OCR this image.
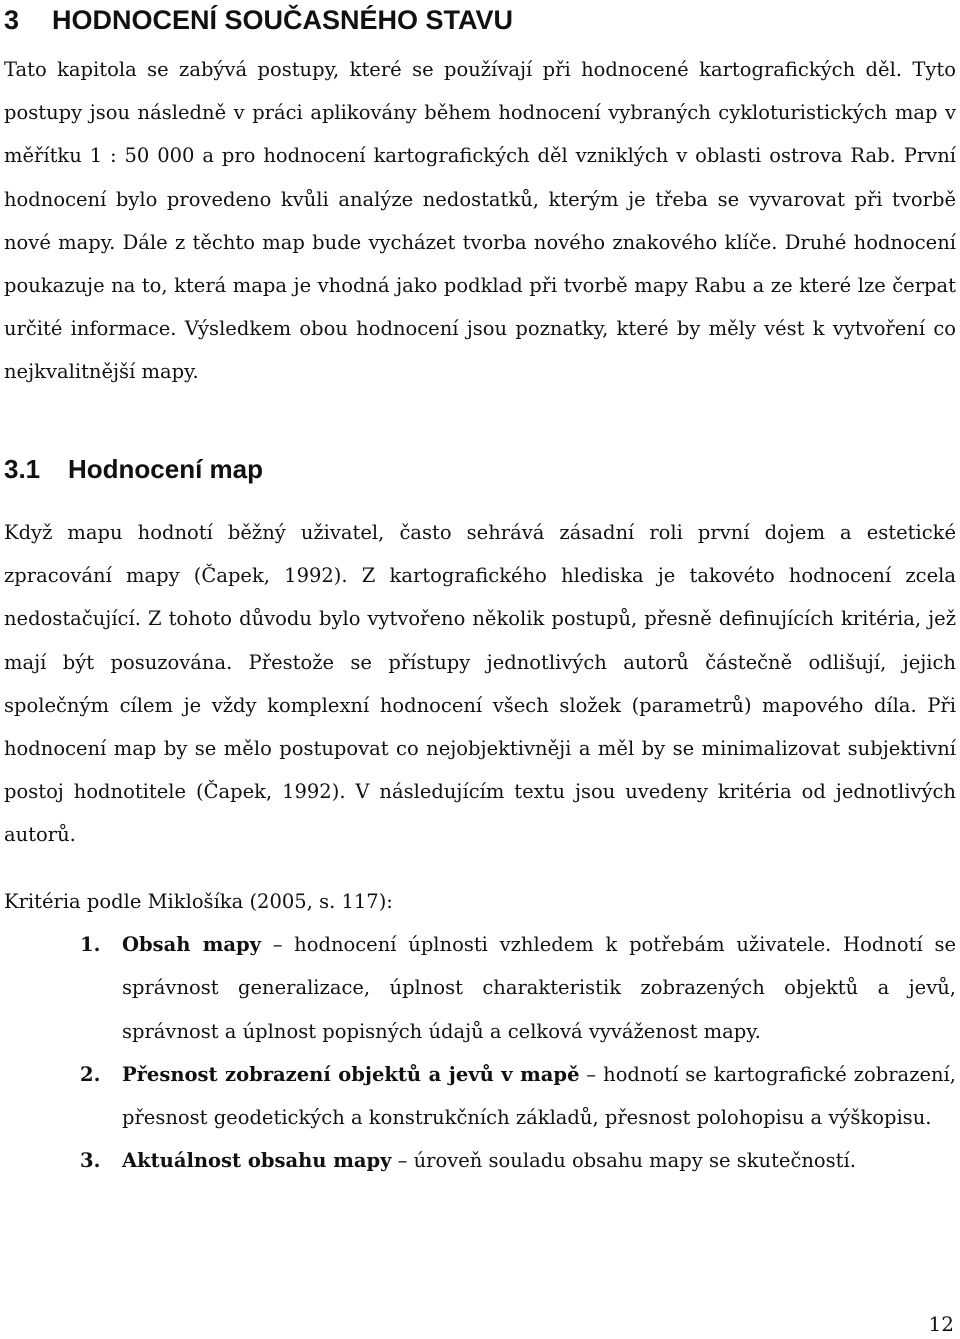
3 HODNOCENÍ SOUČASNÉHO STAVU

Tato kapitola se zabývá postupy, které se používají při hodnocené kartografických děl. Tyto postupy jsou následně v práci aplikovány během hodnocení vybraných cykloturistických map v měřítku 1 : 50 000 a pro hodnocení kartografických děl vzniklých v oblasti ostrova Rab. První hodnocení bylo provedeno kvůli analýze nedostatků, kterým je třeba se vyvarovat při tvorbě nové mapy. Dále z těchto map bude vycházet tvorba nového znakového klíče. Druhé hodnocení poukazuje na to, která mapa je vhodná jako podklad při tvorbě mapy Rabu a ze které lze čerpat určité informace. Výsledkem obou hodnocení jsou poznatky, které by měly vést k vytvoření co nejkvalitnější mapy.

3.1 Hodnocení map

Když mapu hodnotí běžný uživatel, často sehrává zásadní roli první dojem a estetické zpracování mapy (Čapek, 1992). Z kartografického hlediska je takovéto hodnocení zcela nedostačující. Z tohoto důvodu bylo vytvořeno několik postupů, přesně definujících kritéria, jež mají být posuzována. Přestože se přístupy jednotlivých autorů částečně odlišují, jejich společným cílem je vždy komplexní hodnocení všech složek (parametrů) mapového díla. Při hodnocení map by se mělo postupovat co nejobjektivněji a měl by se minimalizovat subjektivní postoj hodnotitele (Čapek, 1992). V následujícím textu jsou uvedeny kritéria od jednotlivých autorů.

Kritéria podle Miklošíka (2005, s. 117):

1. Obsah mapy – hodnocení úplnosti vzhledem k potřebám uživatele. Hodnotí se správnost generalizace, úplnost charakteristik zobrazených objektů a jevů, správnost a úplnost popisných údajů a celková vyváženost mapy.
2. Přesnost zobrazení objektů a jevů v mapě – hodnotí se kartografické zobrazení, přesnost geodetických a konstrukčních základů, přesnost polohopisu a výškopisu.
3. Aktuálnost obsahu mapy – úroveň souladu obsahu mapy se skutečností.
12
